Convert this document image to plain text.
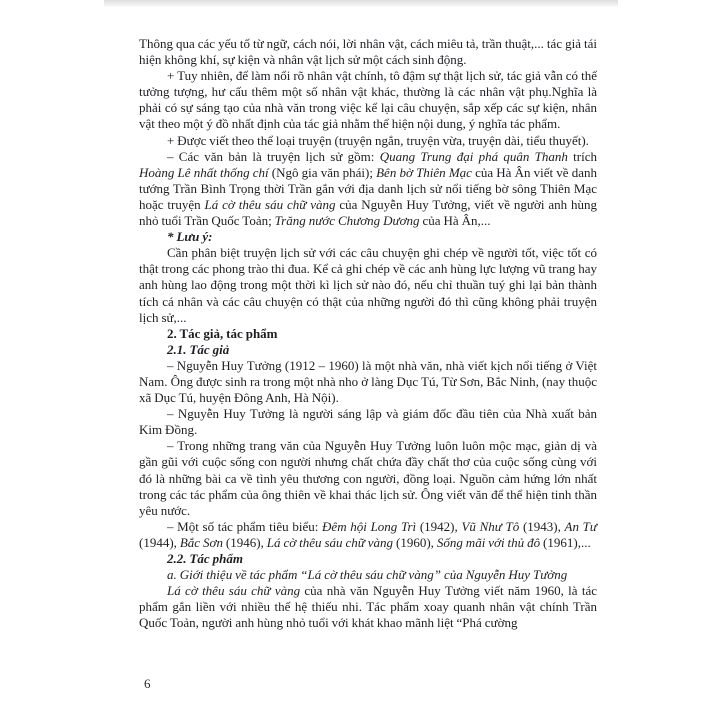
Thông qua các yếu tố từ ngữ, cách nói, lời nhân vật, cách miêu tả, trần thuật,... tác giả tái hiện không khí, sự kiện và nhân vật lịch sử một cách sinh động.

+ Tuy nhiên, để làm nổi rõ nhân vật chính, tô đậm sự thật lịch sử, tác giả vẫn có thể tưởng tượng, hư cấu thêm một số nhân vật khác, thường là các nhân vật phụ.Nghĩa là phải có sự sáng tạo của nhà văn trong việc kể lại câu chuyện, sắp xếp các sự kiện, nhân vật theo một ý đồ nhất định của tác giả nhằm thể hiện nội dung, ý nghĩa tác phẩm.

+ Được viết theo thể loại truyện (truyện ngắn, truyện vừa, truyện dài, tiểu thuyết).

– Các văn bản là truyện lịch sử gồm: Quang Trung đại phá quân Thanh trích Hoàng Lê nhất thống chí (Ngô gia văn phái); Bên bờ Thiên Mạc của Hà Ân viết về danh tướng Trần Bình Trọng thời Trần gắn với địa danh lịch sử nổi tiếng bờ sông Thiên Mạc hoặc truyện Lá cờ thêu sáu chữ vàng của Nguyễn Huy Tưởng, viết về người anh hùng nhỏ tuổi Trần Quốc Toản; Trăng nước Chương Dương của Hà Ân,...

* Lưu ý:

Cần phân biệt truyện lịch sử với các câu chuyện ghi chép về người tốt, việc tốt có thật trong các phong trào thi đua. Kể cả ghi chép về các anh hùng lực lượng vũ trang hay anh hùng lao động trong một thời kì lịch sử nào đó, nếu chỉ thuần tuý ghi lại bản thành tích cá nhân và các câu chuyện có thật của những người đó thì cũng không phải truyện lịch sử,...

2. Tác giả, tác phẩm

2.1. Tác giả

– Nguyễn Huy Tưởng (1912 – 1960) là một nhà văn, nhà viết kịch nổi tiếng ở Việt Nam. Ông được sinh ra trong một nhà nho ở làng Dục Tú, Từ Sơn, Bắc Ninh, (nay thuộc xã Dục Tú, huyện Đông Anh, Hà Nội).

– Nguyễn Huy Tưởng là người sáng lập và giám đốc đầu tiên của Nhà xuất bản Kim Đồng.

– Trong những trang văn của Nguyễn Huy Tưởng luôn luôn mộc mạc, giản dị và gần gũi với cuộc sống con người nhưng chất chứa đầy chất thơ của cuộc sống cùng với đó là những bài ca về tình yêu thương con người, đồng loại. Nguồn cảm hứng lớn nhất trong các tác phẩm của ông thiên về khai thác lịch sử. Ông viết văn để thể hiện tinh thần yêu nước.

– Một số tác phẩm tiêu biểu: Đêm hội Long Trì (1942), Vũ Như Tô (1943), An Tư (1944), Bắc Sơn (1946), Lá cờ thêu sáu chữ vàng (1960), Sống mãi với thủ đô (1961),...

2.2. Tác phẩm

a. Giới thiệu về tác phẩm “Lá cờ thêu sáu chữ vàng” của Nguyễn Huy Tưởng

Lá cờ thêu sáu chữ vàng của nhà văn Nguyễn Huy Tưởng viết năm 1960, là tác phẩm gắn liền với nhiều thế hệ thiếu nhi. Tác phẩm xoay quanh nhân vật chính Trần Quốc Toản, người anh hùng nhỏ tuổi với khát khao mãnh liệt “Phá cường

6
